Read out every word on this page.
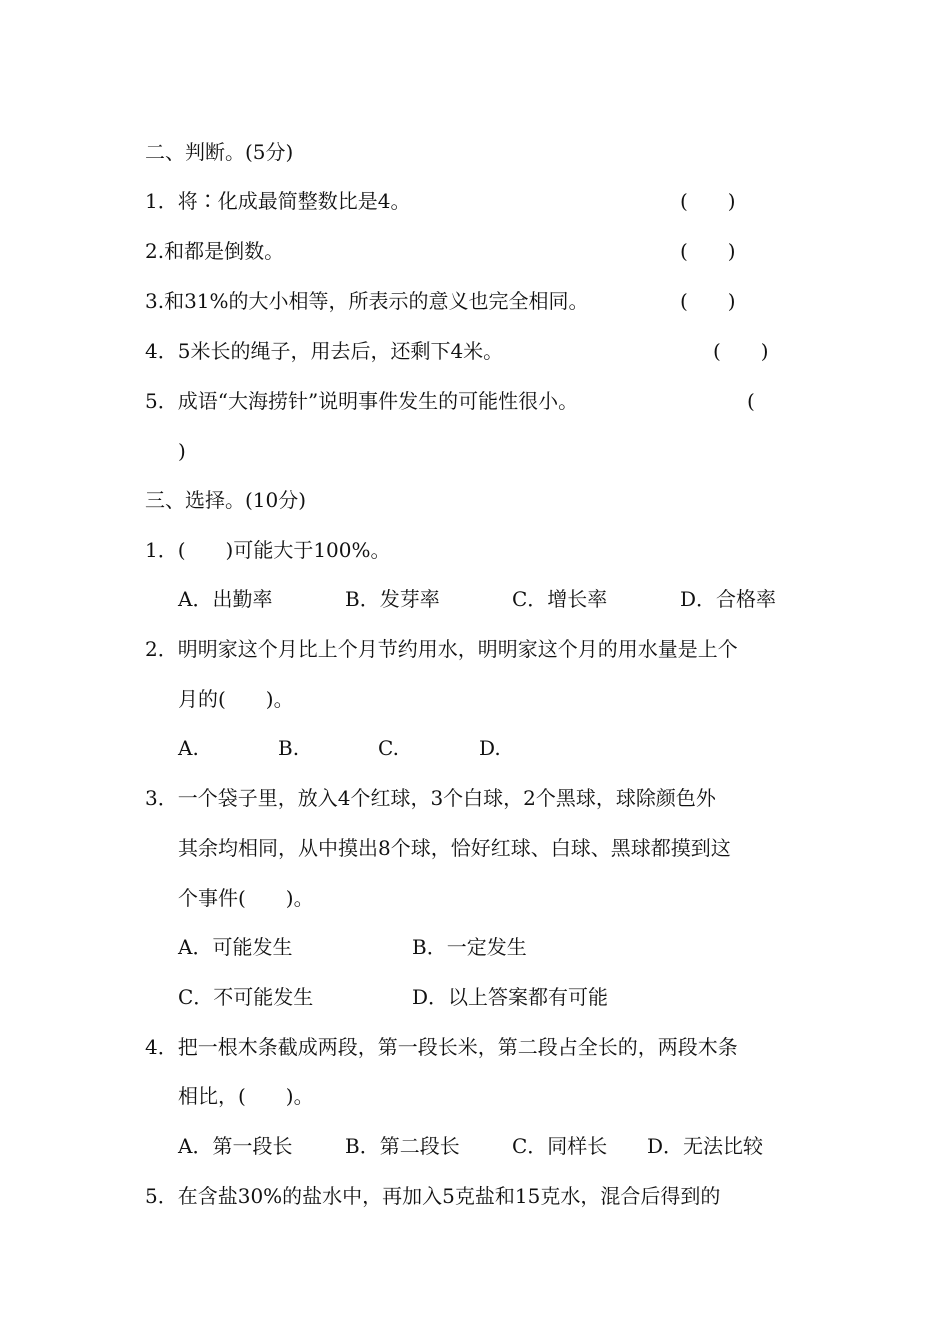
二、判断。(5分)
1．将∶化成最简整数比是4。	(  )
2.和都是倒数。	(  )
3.和31%的大小相等，所表示的意义也完全相同。	(  )
4．5米长的绳子，用去后，还剩下4米。	(  )
5．成语“大海捞针”说明事件发生的可能性很小。	(
)
三、选择。(10分)
1．(  )可能大于100%。
A．出勤率	B．发芽率	C．增长率	D．合格率
2．明明家这个月比上个月节约用水，明明家这个月的用水量是上个
月的(  )。
A.	B.	C.	D.
3．一个袋子里，放入4个红球，3个白球，2个黑球，球除颜色外
其余均相同，从中摸出8个球，恰好红球、白球、黑球都摸到这
个事件(  )。
A．可能发生	B．一定发生
C．不可能发生	D．以上答案都有可能
4．把一根木条截成两段，第一段长米，第二段占全长的，两段木条
相比，(  )。
A．第一段长	B．第二段长	C．同样长 D．无法比较
5．在含盐30%的盐水中，再加入5克盐和15克水，混合后得到的
